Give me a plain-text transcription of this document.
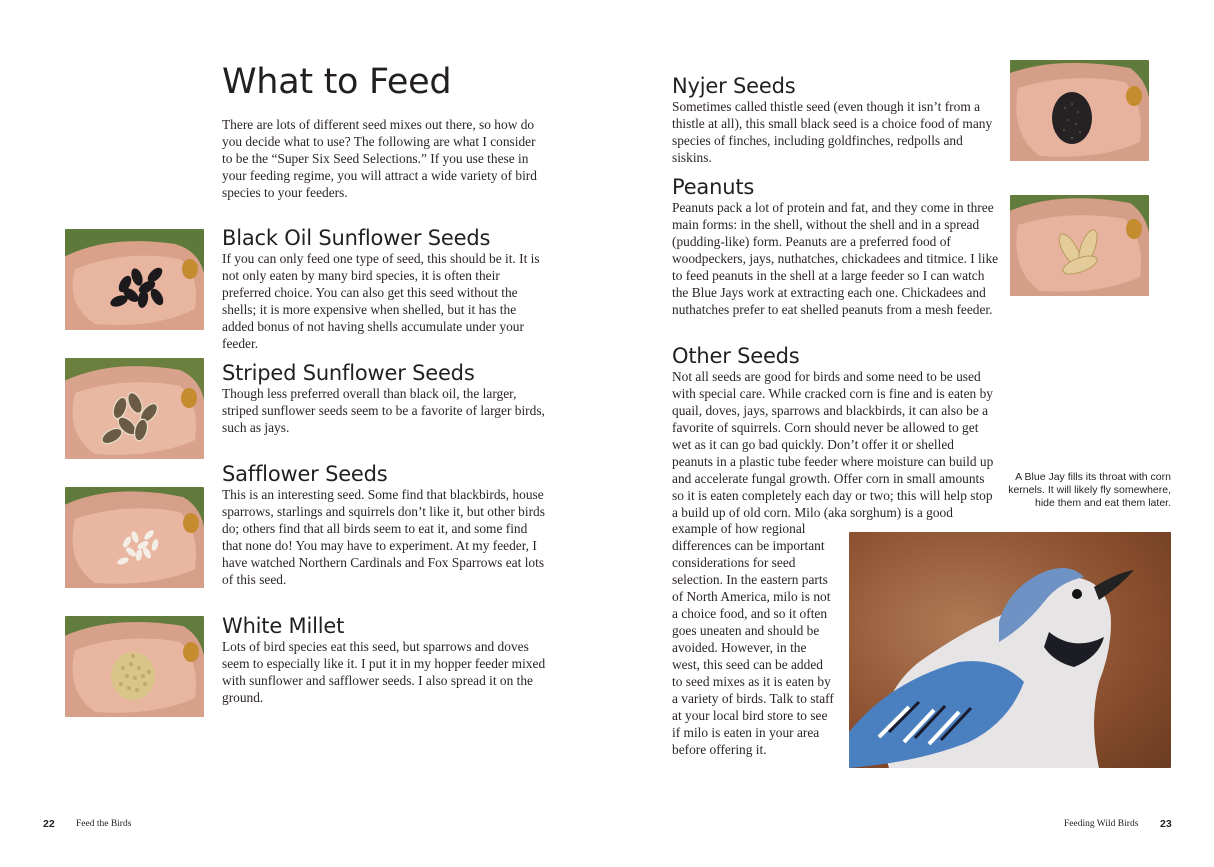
What to Feed

There are lots of different seed mixes out there, so how do you decide what to use? The following are what I consider to be the “Super Six Seed Selections.” If you use these in your feeding regime, you will attract a wide variety of bird species to your feeders.

Black Oil Sunflower Seeds

If you can only feed one type of seed, this should be it. It is not only eaten by many bird species, it is often their preferred choice. You can also get this seed without the shells; it is more expensive when shelled, but it has the added bonus of not having shells accumulate under your feeder.

Striped Sunflower Seeds

Though less preferred overall than black oil, the larger, striped sunflower seeds seem to be a favorite of larger birds, such as jays.

Safflower Seeds

This is an interesting seed. Some find that blackbirds, house sparrows, starlings and squirrels don’t like it, but other birds do; others find that all birds seem to eat it, and some find that none do! You may have to experiment. At my feeder, I have watched Northern Cardinals and Fox Sparrows eat lots of this seed.

White Millet

Lots of bird species eat this seed, but sparrows and doves seem to especially like it. I put it in my hopper feeder mixed with sunflower and safflower seeds. I also spread it on the ground.

22 Feed the Birds
Nyjer Seeds

Sometimes called thistle seed (even though it isn’t from a thistle at all), this small black seed is a choice food of many species of finches, including goldfinches, redpolls and siskins.

Peanuts

Peanuts pack a lot of protein and fat, and they come in three main forms: in the shell, without the shell and in a spread (pudding-like) form. Peanuts are a preferred food of woodpeckers, jays, nuthatches, chickadees and titmice. I like to feed peanuts in the shell at a large feeder so I can watch the Blue Jays work at extracting each one. Chickadees and nuthatches prefer to eat shelled peanuts from a mesh feeder.

Other Seeds

Not all seeds are good for birds and some need to be used with special care. While cracked corn is fine and is eaten by quail, doves, jays, sparrows and blackbirds, it can also be a favorite of squirrels. Corn should never be allowed to get wet as it can go bad quickly. Don’t offer it or shelled peanuts in a plastic tube feeder where moisture can build up and accelerate fungal growth. Offer corn in small amounts so it is eaten completely each day or two; this will help stop a build up of old corn. Milo (aka sorghum) is a good

example of how regional differences can be important considerations for seed selection. In the eastern parts of North America, milo is not a choice food, and so it often goes uneaten and should be avoided. However, in the west, this seed can be added to seed mixes as it is eaten by a variety of birds. Talk to staff at your local bird store to see if milo is eaten in your area before offering it.

A Blue Jay fills its throat with corn kernels. It will likely fly somewhere, hide them and eat them later.
Feeding Wild Birds 23
